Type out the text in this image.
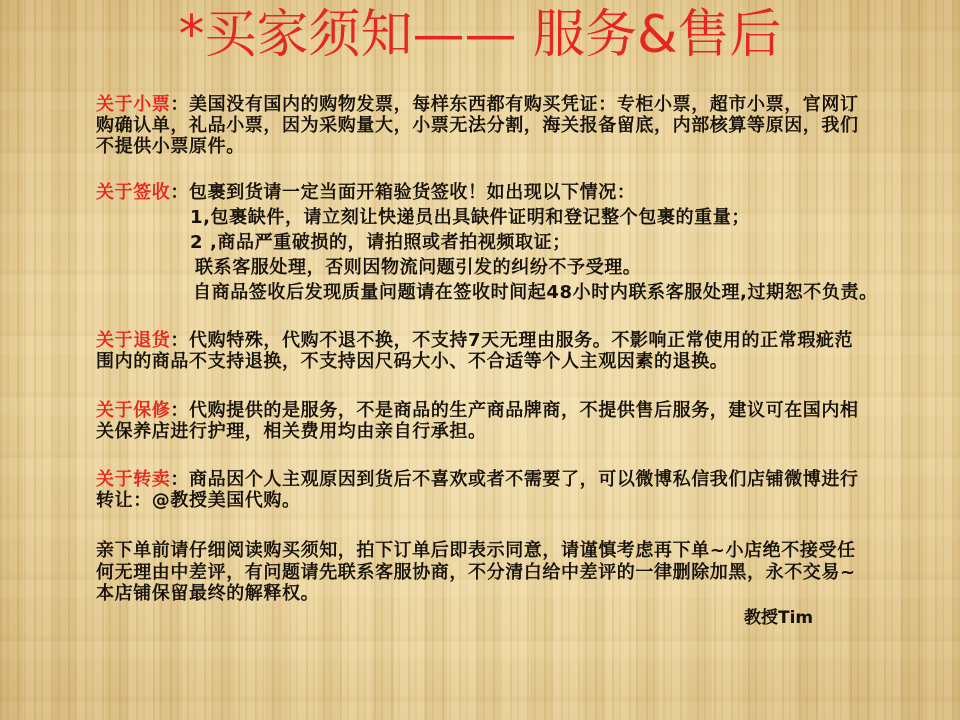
*买家须知—— 服务&售后
关于小票：美国没有国内的购物发票，每样东西都有购买凭证：专柜小票，超市小票，官网订
购确认单，礼品小票，因为采购量大，小票无法分割，海关报备留底，内部核算等原因，我们
不提供小票原件。
关于签收：包裹到货请一定当面开箱验货签收！如出现以下情况：
1,包裹缺件，请立刻让快递员出具缺件证明和登记整个包裹的重量；
2 ,商品严重破损的，请拍照或者拍视频取证；
联系客服处理，否则因物流问题引发的纠纷不予受理。
自商品签收后发现质量问题请在签收时间起48小时内联系客服处理,过期恕不负责。
关于退货：代购特殊，代购不退不换，不支持7天无理由服务。不影响正常使用的正常瑕疵范
围内的商品不支持退换，不支持因尺码大小、不合适等个人主观因素的退换。
关于保修：代购提供的是服务，不是商品的生产商品牌商，不提供售后服务，建议可在国内相
关保养店进行护理，相关费用均由亲自行承担。
关于转卖：商品因个人主观原因到货后不喜欢或者不需要了，可以微博私信我们店铺微博进行
转让：@教授美国代购。
亲下单前请仔细阅读购买须知，拍下订单后即表示同意，请谨慎考虑再下单~小店绝不接受任
何无理由中差评，有问题请先联系客服协商，不分清白给中差评的一律删除加黑，永不交易~
本店铺保留最终的解释权。
教授Tim
